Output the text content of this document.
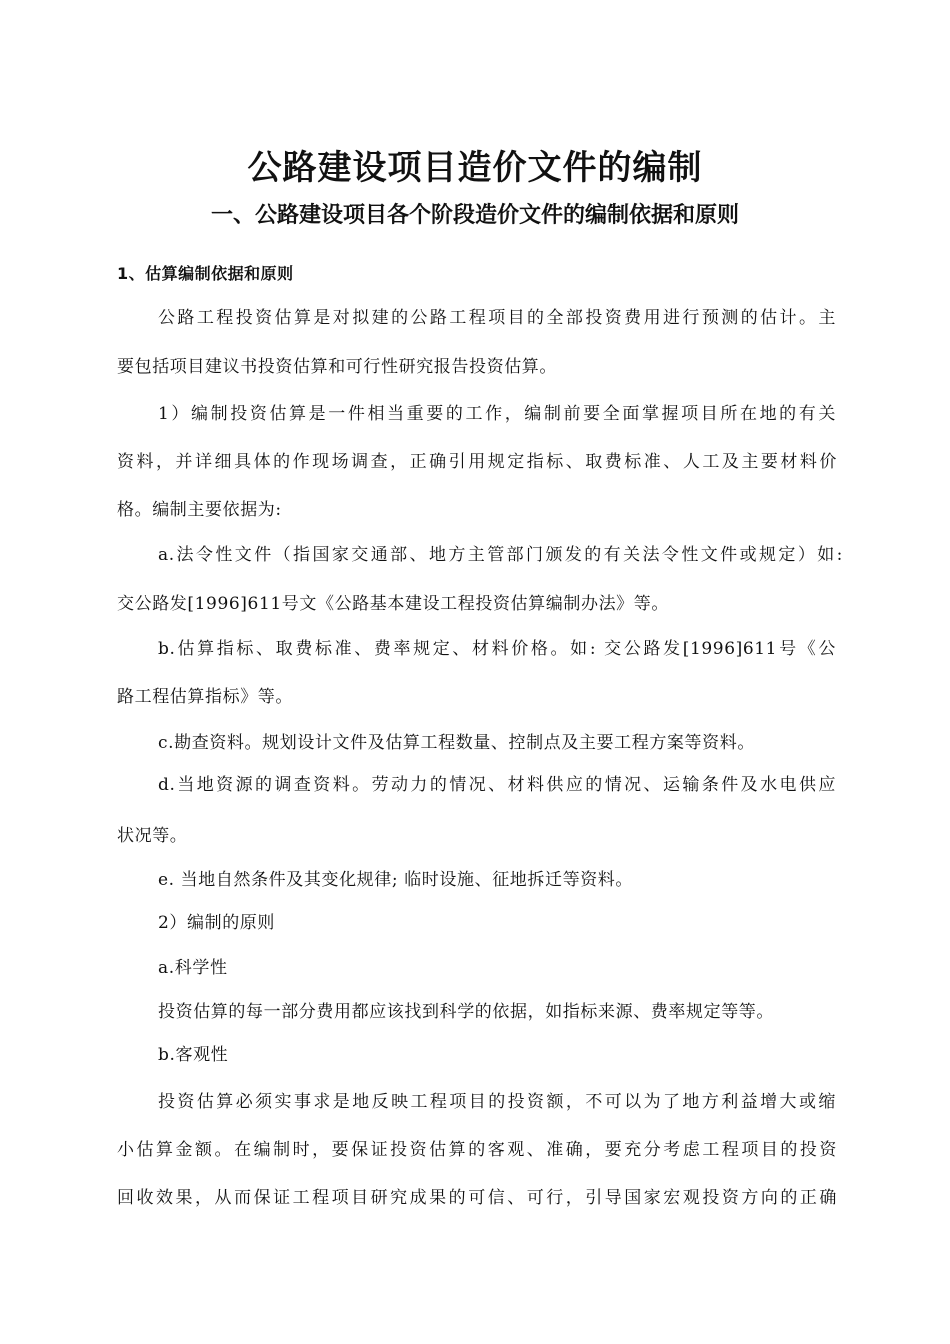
公路建设项目造价文件的编制
一、公路建设项目各个阶段造价文件的编制依据和原则
1、估算编制依据和原则
公路工程投资估算是对拟建的公路工程项目的全部投资费用进行预测的估计。主
要包括项目建议书投资估算和可行性研究报告投资估算。
1）编制投资估算是一件相当重要的工作，编制前要全面掌握项目所在地的有关
资料，并详细具体的作现场调查，正确引用规定指标、取费标准、人工及主要材料价
格。编制主要依据为:
a.法令性文件（指国家交通部、地方主管部门颁发的有关法令性文件或规定）如:
交公路发[1996]611号文《公路基本建设工程投资估算编制办法》等。
b.估算指标、取费标准、费率规定、材料价格。如: 交公路发[1996]611号《公
路工程估算指标》等。
c.勘查资料。规划设计文件及估算工程数量、控制点及主要工程方案等资料。
d.当地资源的调查资料。劳动力的情况、材料供应的情况、运输条件及水电供应
状况等。
e. 当地自然条件及其变化规律; 临时设施、征地拆迁等资料。
2）编制的原则
a.科学性
投资估算的每一部分费用都应该找到科学的依据，如指标来源、费率规定等等。
b.客观性
投资估算必须实事求是地反映工程项目的投资额，不可以为了地方利益增大或缩
小估算金额。在编制时，要保证投资估算的客观、准确，要充分考虑工程项目的投资
回收效果，从而保证工程项目研究成果的可信、可行，引导国家宏观投资方向的正确
